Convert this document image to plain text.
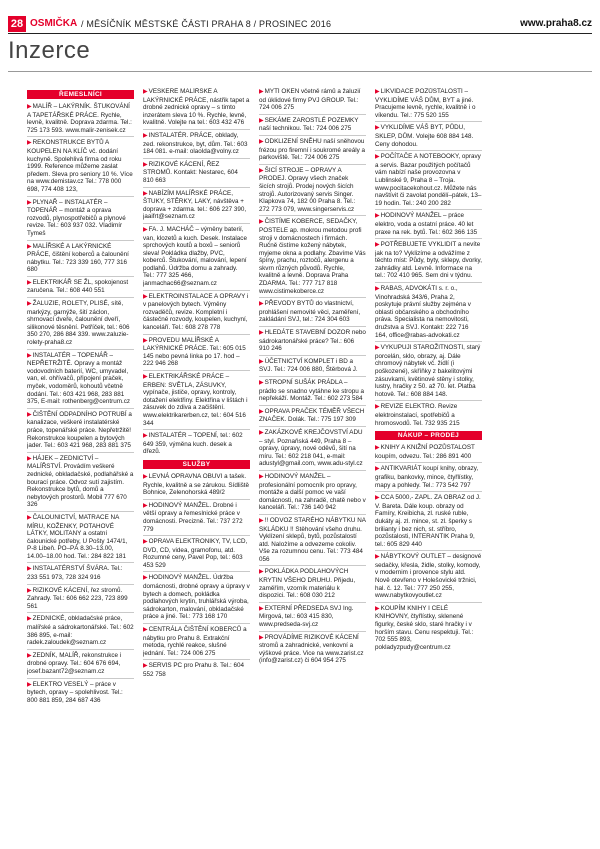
28 OSMIČKA / MĚSÍČNÍK MĚSTSKÉ ČÁSTI PRAHA 8 / PROSINEC 2016	www.praha8.cz
Inzerce
ŘEMESLNÍCI
▶MALÍŘ – LAKÝRNÍK. ŠTUKOVÁNÍ A TAPETÁŘSKÉ PRÁCE. Rychle, levně, kvalitně. Doprava zdarma. Tel.: 725 173 593. www.malir-zenisek.cz
▶REKONSTRUKCE BYTŮ A KOUPELEN NA KLÍČ vč. dodání kuchyně. Spolehlivá firma od roku 1999. Reference můžeme zaslat předem. Sleva pro seniory 10 %. Více na www.demistav.cz Tel.: 778 000 698, 774 408 123,
▶PLYNAŘ – INSTALATÉR – TOPENÁŘ – montáž a oprava rozvodů, plynospotřebičů a plynové revize. Tel.: 603 937 032. Vladimír Tymeš
▶MALÍŘSKÉ A LAKÝRNICKÉ PRÁCE, čištění koberců a čalounění nábytku. Tel.: 723 339 160, 777 316 680
▶ELEKTRIKÁŘ SE ŽL, spokojenost zaručena. Tel.: 608 440 551
▶ŽALUZIE, ROLETY, PLISÉ, sítě, markýzy, garnýže, šití záclon, shrnovací dveře, čalounění dveří, silikonové těsnění. Petříček, tel.: 606 350 270, 286 884 339. www.zaluzie-rolety-praha8.cz
▶INSTALATÉR – TOPENÁŘ – NEPŘETRŽITĚ. Opravy a montáž vodovodních baterií, WC, umyvadel, van, el. ohřívačů, připojení praček, myček, vodoměrů, kohoutů včetně dodání. Tel.: 603 421 968, 283 881 375, E-mail: rothenberg@centrum.cz
▶ČIŠTĚNÍ ODPADNÍHO POTRUBÍ a kanalizace, veškeré instalatérské práce, topenářské práce. Nepřetržitě! Rekonstrukce koupelen a bytových jader. Tel.: 603 421 968, 283 881 375
▶HÁJEK – ZEDNICTVÍ – MALÍŘSTVÍ. Provádím veškeré zednické, obkladačské, podlahářské a bourací práce. Odvoz sutí zajistím. Rekonstrukce bytů, domů a nebytových prostorů. Mobil 777 670 326
▶ČALOUNICTVÍ, MATRACE NA MÍRU, KOŽENKY, POTAHOVÉ LÁTKY, MOLITANY a ostatní čalounické potřeby, U Pošty 1474/1, P-8 Libeň. PO–PÁ 8.30–13.00, 14.00–18.00 hod. Tel.: 284 822 181
▶INSTALATÉRSTVÍ ŠVÁRA. Tel.: 233 551 973, 728 324 916
▶RIZIKOVÉ KÁCENÍ, řez stromů. Zahrady. Tel.: 606 662 223, 723 899 561
▶ZEDNICKÉ, obkladačské práce, malířské a sádrokartonářské. Tel.: 602 386 895, e-mail: radek.zaloudek@seznam.cz
▶ZEDNÍK, MALÍŘ, rekonstrukce i drobné opravy. Tel.: 604 676 694, josef.bazant72@seznam.cz
▶ELEKTRO VESELÝ – práce v bytech, opravy – spolehlivost. Tel.: 800 881 859, 284 687 436
▶VEŠKERÉ MALÍŘSKÉ A LAKÝRNICKÉ PRÁCE, nástřik tapet a drobné zednické opravy – s timto inzerátem sleva 10 %. Rychle, levně, kvalitně. Volejte na tel.: 603 432 476
▶INSTALATÉR. PRÁCE, obklady, zed. rekonstrukce, byt, dům. Tel.: 603 184 081. e-mail: olaolda@volny.cz
▶RIZIKOVÉ KÁCENÍ, ŘEZ STROMŮ. Kontakt: Nestarec, 604 810 663
▶NABÍZÍM MALÍŘSKÉ PRÁCE, ŠTUKY, STĚRKY, LAKY, návštěva + doprava + zdarma. tel.: 606 227 390, jaaifrt@seznam.cz
▶FA. J. MACHÁČ – výměny baterií, van, klozetů a kuch. Desek. Instalace sprchových koutů a boxů – seniorů sleva! Pokládka dlažby, PVC, koberců. Štukování, malování, lepení podlahů. Údržba domu a zahrady. Tel.: 777 325 466, janmachac66@seznam.cz
▶ELEKTROINSTALACE A OPRAVY i v panelových bytech. Výměny rozvaděčů, revize. Kompletní i částečné rozvody, koupelen, kuchyní, kanceláří. Tel.: 608 278 778
▶PROVEDU MALÍŘSKÉ A LAKÝRNICKÉ PRÁCE. Tel.: 605 015 145 nebo pevná linka po 17. hod – 222 946 268
▶ELEKTRIKÁŘSKÉ PRÁCE – ERBEN: SVĚTLA, ZÁSUVKY, vypínače, jističe, opravy, kontroly, dotažení elektřiny. Elektřina v lištách i zásuvek do zdiva a začištění. www.elektrikarerben.cz, tel.: 604 516 344
▶INSTALATÉR – TOPENÍ, tel.: 602 649 359, výměna kuch. desek a dřezů.
SLUŽBY
▶LEVNÁ OPRAVNA OBUVI a tašek. Rychle, kvalitně a se zárukou. Sídliště Bohnice, Zelenohorská 489/2
▶HODINOVÝ MANŽEL. Drobné i větší opravy a řemeslnické práce v domácnosti. Precizně. Tel.: 737 272 779
▶OPRAVA ELEKTRONIKY, TV, LCD, DVD, CD, videa, gramofonu, atd. Rozumné ceny, Pavel Pop, tel.: 603 453 529
▶HODINOVÝ MANŽEL. Údržba domácnosti, drobné opravy a úpravy v bytech a domech, pokládka podlahových krytin, truhlářská výroba, sádrokarton, malování, obkladačské práce a jiné. Tel.: 773 168 170
▶CENTRÁLA ČIŠTĚNÍ KOBERCŮ a nábytku pro Prahu 8. Extrakční metoda, rychlé reakce, slušné jednání. Tel.: 724 006 275
▶SERVIS PC pro Prahu 8. Tel.: 604 552 758
▶MYTÍ OKEN včetně rámů a žaluzií od úklidové firmy PVJ GROUP. Tel.: 724 006 275
▶SEKÁME ZAROSTLÉ POZEMKY naší technikou. Tel.: 724 006 275
▶ODKLIZENÍ SNĚHU naší sněhovou frézou pro firemní i soukromé areály a parkoviště. Tel.: 724 006 275
▶ŠICÍ STROJE – OPRAVY A PRODEJ. Opravy všech značek šicích strojů. Prodej nových šicích strojů. Autorizovaný servis Singer. Klapkova 74, 182 00 Praha 8. Tel.: 272 773 079, www.singerservis.cz
▶ČISTÍME KOBERCE, SEDAČKY, POSTELE ap. mokrou metodou profi stroji v domácnostech i firmách. Ručně čistíme kožený nábytek, myjeme okna a podlahy. Zbavíme Vás špíny, prachu, roztočů, alergenu a skvrn různých původů. Rychle, kvalitně a levně. Doprava Praha ZDARMA. Tel.: 777 717 818 www.cistimekoberce.cz
▶PŘEVODY BYTŮ do vlastnictví, prohlášení nemovité věci, zaměření, zakládání SVJ, tel.: 724 304 603
▶HLEDÁTE STAVEBNÍ DOZOR nebo sádrokartonářské práce? Tel.: 606 910 246
▶ÚČETNICTVÍ KOMPLET i BD a SVJ. Tel.: 724 006 880, Štěrbová J.
▶STROPNÍ SUŠÁK PRÁDLA – prádlo se snadno vytáhne ke stropu a nepřekáží. Montáž. Tel.: 602 273 584
▶OPRAVA PRAČEK TÉMĚŘ VŠECH ZNAČEK. Dolák. Tel.: 775 197 309
▶ZAKÁZKOVÉ KREJČOVSTVÍ ADU – styl. Poznaňská 449, Praha 8 – opravy, úpravy, nové oděvů, šití na míru. Tel.: 602 218 041, e-mail: adustyl@gmail.com, www.adu-styl.cz
▶HODINOVÝ MANŽEL – profesionální pomocník pro opravy, montáže a další pomoc ve vaší domácnosti, na zahradě, chatě nebo v kanceláři. Tel.: 736 140 942
▶!! ODVOZ STARÉHO NÁBYTKU NA SKLÁDKU !! Stěhování všeho druhu. Vyklízení sklepů, bytů, pozůstalostí atd. Nalożíme a odvezeme cokoliv. Vše za rozumnou cenu. Tel.: 773 484 056
▶POKLÁDKA PODLAHOVÝCH KRYTIN VŠEHO DRUHU. Přijedu, zaměřím, vzorník materiálu k dispozici. Tel.: 608 030 212
▶EXTERNÍ PŘEDSEDA SVJ Ing. Mirgová, tel.: 603 415 830, www.predseda-svj.cz
▶PROVÁDÍME RIZIKOVÉ KÁCENÍ stromů a zahradnické, venkovní a výškové práce. Vice na www.zarist.cz (info@zarist.cz) či 604 954 275
▶LIKVIDACE POZŮSTALOSTÍ – VYKLIDÍME VÁŠ DŮM, BYT a jiné. Pracujeme levně, rychle, kvalitně i o víkendu. Tel.: 775 520 155
▶VYKLIDÍME VÁŠ BYT, PŮDU, SKLEP, DŮM. Volejte 608 884 148. Ceny dohodou.
▶POČÍTAČE A NOTEBOOKY, opravy a servis. Bazar použitých počítačů vám nabízí naše provozovna v Lublinské 9, Praha 8 – Troja. www.pocitacekohout.cz. Můžete nás navštívit či zavolat pondělí–pátek, 13–19 hodin. Tel.: 240 200 282
▶HODINOVÝ MANŽEL – práce elektro, voda a ostatní práce. 40 let praxe na rek. bytů. Tel.: 602 366 135
▶POTŘEBUJETE VYKLIDIT a nevíte jak na to? Vyklizíme a odvážíme z těchto míst: Půdy, byty, sklepy, dvorky, zahrádky atd. Levně. Informace na tel.: 702 410 965. Sem dni v týdnu.
▶RABAS, ADVOKÁTI s. r. o., Vinohradská 343/6, Praha 2, poskytuje právní služby zejména v oblasti občanského a obchodního práva. Specialista na nemovitosti, družstva a SVJ. Kontakt: 222 716 164, office@rabas-advokati.cz
▶VYKUPUJI STAROŽITNOSTI, starý porcelán, sklo, obrazy, aj. Dále chromový nábytek vč. židlí (i poškozené), skříňky z bakelitovými zásuvkami, květinové stěny i stolky, lustry, hračky z 50. až 70. let. Platba hotově. Tel.: 608 884 148.
▶REVIZE ELEKTRO. Revize elektroinstalací, spotřebičů a hromosvodů. Tel. 732 935 215
NÁKUP – PRODEJ
▶KNIHY A KNIŽNÍ POZŮSTALOST koupím, odvezu. Tel.: 286 891 400
▶ANTIKVARIÁT koupí knihy, obrazy, grafiku, bankovky, mince, čtyřlístky, mapy a pohledy. Tel.: 773 542 797
▶CCA 5000,- ZAPL. ZA OBRAZ od J. V. Bareta. Dále koup. obrazy od Famíry, Kreibicha, zl. ruské ruble, dukáty aj. zl. mince, st. zl. šperky s brilianty i bez nich, st. stříbro, pozůstalosti, INTERANTIK Praha 9, tel.: 605 829 440
▶NÁBYTKOVÝ OUTLET – designové sedačky, křesla, židle, stolky, komody, v modernim i provence stylu atd. Nově otevřeno v Holešovické tržnici, hal. č. 12. Tel.: 777 250 255, www.nabytkovyoutlet.cz
▶KOUPÍM KNIHY I CELÉ KNIHOVNY, čtyřlístky, sklenené figurky, české sklo, staré hračky i v horším stavu. Cenu respektuji. Tel.: 702 555 893, pokladyzpudy@centrum.cz
